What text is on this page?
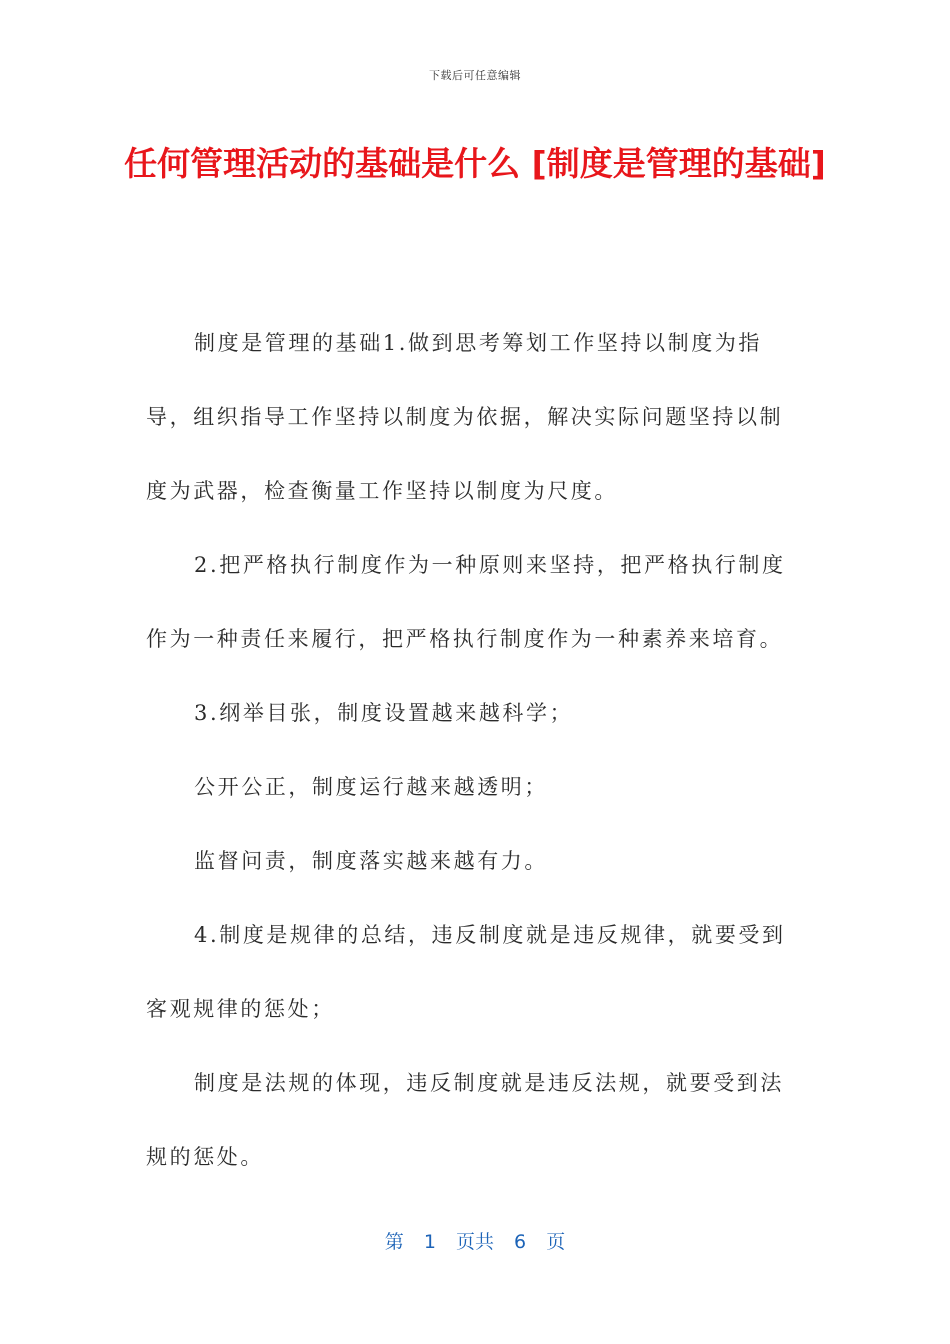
下载后可任意编辑
任何管理活动的基础是什么 [制度是管理的基础]

制度是管理的基础1.做到思考筹划工作坚持以制度为指导，组织指导工作坚持以制度为依据，解决实际问题坚持以制度为武器，检查衡量工作坚持以制度为尺度。

2.把严格执行制度作为一种原则来坚持，把严格执行制度作为一种责任来履行，把严格执行制度作为一种素养来培育。

3.纲举目张，制度设置越来越科学；

公开公正，制度运行越来越透明；

监督问责，制度落实越来越有力。

4.制度是规律的总结，违反制度就是违反规律，就要受到客观规律的惩处；

制度是法规的体现，违反制度就是违反法规，就要受到法规的惩处。

第 1 页共 6 页
